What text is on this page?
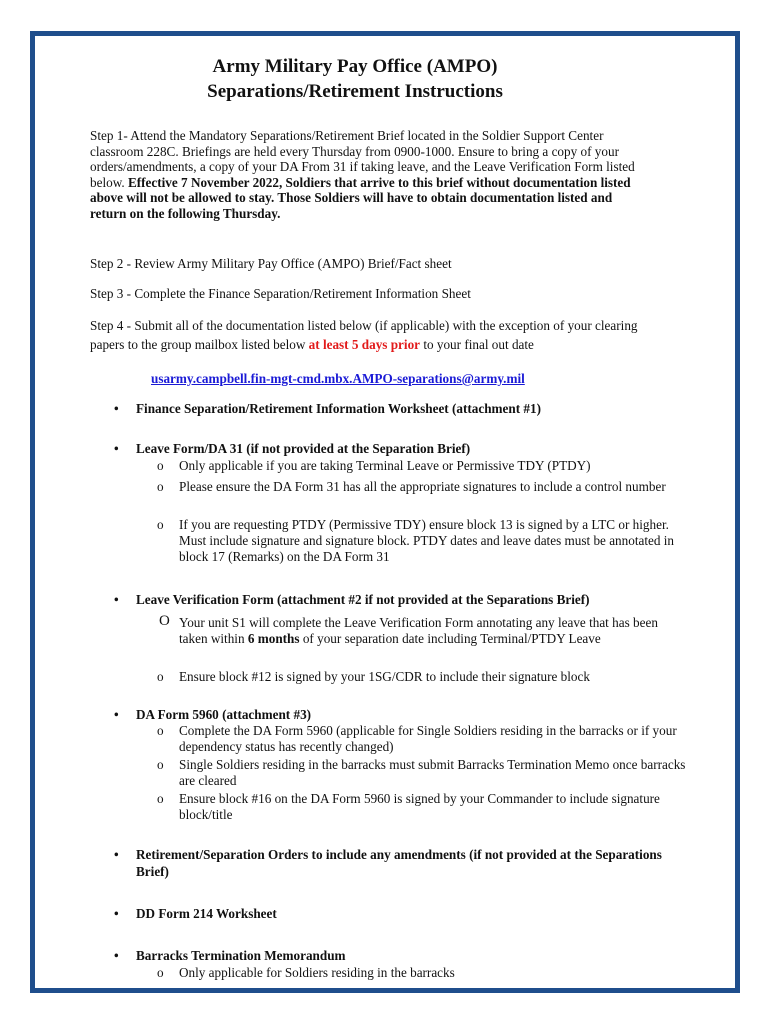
Army Military Pay Office (AMPO)
Separations/Retirement Instructions

Step 1- Attend the Mandatory Separations/Retirement Brief located in the Soldier Support Center classroom 228C. Briefings are held every Thursday from 0900-1000. Ensure to bring a copy of your orders/amendments, a copy of your DA From 31 if taking leave, and the Leave Verification Form listed below. Effective 7 November 2022, Soldiers that arrive to this brief without documentation listed above will not be allowed to stay. Those Soldiers will have to obtain documentation listed and return on the following Thursday.

Step 2 - Review Army Military Pay Office (AMPO) Brief/Fact sheet

Step 3 - Complete the Finance Separation/Retirement Information Sheet

Step 4 - Submit all of the documentation listed below (if applicable) with the exception of your clearing papers to the group mailbox listed below at least 5 days prior to your final out date

usarmy.campbell.fin-mgt-cmd.mbx.AMPO-separations@army.mil

• Finance Separation/Retirement Information Worksheet (attachment #1)

• Leave Form/DA 31 (if not provided at the Separation Brief)

o Only applicable if you are taking Terminal Leave or Permissive TDY (PTDY)

o Please ensure the DA Form 31 has all the appropriate signatures to include a control number

o If you are requesting PTDY (Permissive TDY) ensure block 13 is signed by a LTC or higher. Must include signature and signature block. PTDY dates and leave dates must be annotated in block 17 (Remarks) on the DA Form 31

• Leave Verification Form (attachment #2 if not provided at the Separations Brief)

O Your unit S1 will complete the Leave Verification Form annotating any leave that has been taken within 6 months of your separation date including Terminal/PTDY Leave

o Ensure block #12 is signed by your 1SG/CDR to include their signature block

• DA Form 5960 (attachment #3)

o Complete the DA Form 5960 (applicable for Single Soldiers residing in the barracks or if your dependency status has recently changed)

o Single Soldiers residing in the barracks must submit Barracks Termination Memo once barracks are cleared

o Ensure block #16 on the DA Form 5960 is signed by your Commander to include signature block/title

• Retirement/Separation Orders to include any amendments (if not provided at the Separations Brief)

• DD Form 214 Worksheet

• Barracks Termination Memorandum

o Only applicable for Soldiers residing in the barracks
